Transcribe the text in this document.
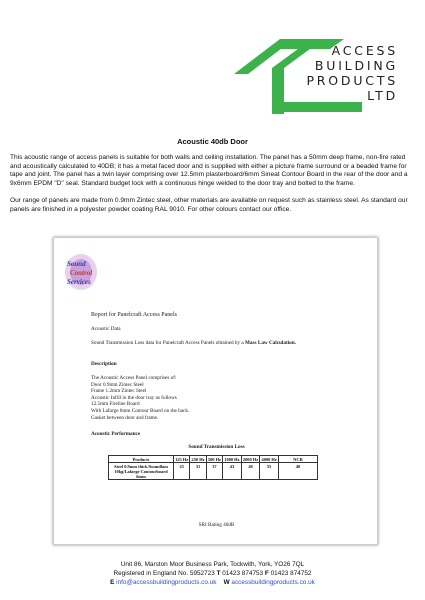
ACCESS
BUILDING
PRODUCTS
LTD
Acoustic 40db Door

This acoustic range of access panels is suitable for both walls and ceiling installation. The panel has a 50mm deep frame, non-fire rated and acoustically calculated to 40DB; it has a metal faced door and is supplied with either a picture frame surround or a beaded frame for tape and joint. The panel has a twin layer comprising over 12.5mm plasterboard/6mm Sineat Contour Board in the rear of the door and a 9x6mm EPDM "D" seal. Standard budget lock with a continuous hinge welded to the door tray and bolted to the frame.

Our range of panels are made from 0.9mm Zintec steel, other materials are available on request such as stainless steel. As standard our panels are finished in a polyester powder coating RAL 9010. For other colours contact our office.

Sound
Control
Services

Report for Panelcraft Access Panels

Acoustic Data

Sound Transmission Loss data for Panelcraft Access Panels obtained by a Mass Law Calculation.

Description

The Acoustic Access Panel comprises of:
Door 0.9mm Zintec Steel
Frame 1.2mm Zintec Steel
Acoustic Infill in the door tray as follows
12.5mm Fireline Board
With Lafarge 6mm Contour Board on the back.
Gasket between door and frame.

Acoustic Performance

Sound Transmission Loss
Products	125 Hz	250 Hz	500 Hz	1000 Hz	2000 Hz	4000 Hz	NCR
Steel 0.9mm thick/Soundlam 10kg/Lafarge Contourboard 6mm	25	31	37	43	48	55	40
SRI Rating 40dB
Unit 86, Marston Moor Business Park, Tockwith, York, YO26 7QL
Registered in England No. 5952723 T 01423 874753 F 01423 874752
E info@accessbuildingproducts.co.uk W accessbuildingproducts.co.uk
